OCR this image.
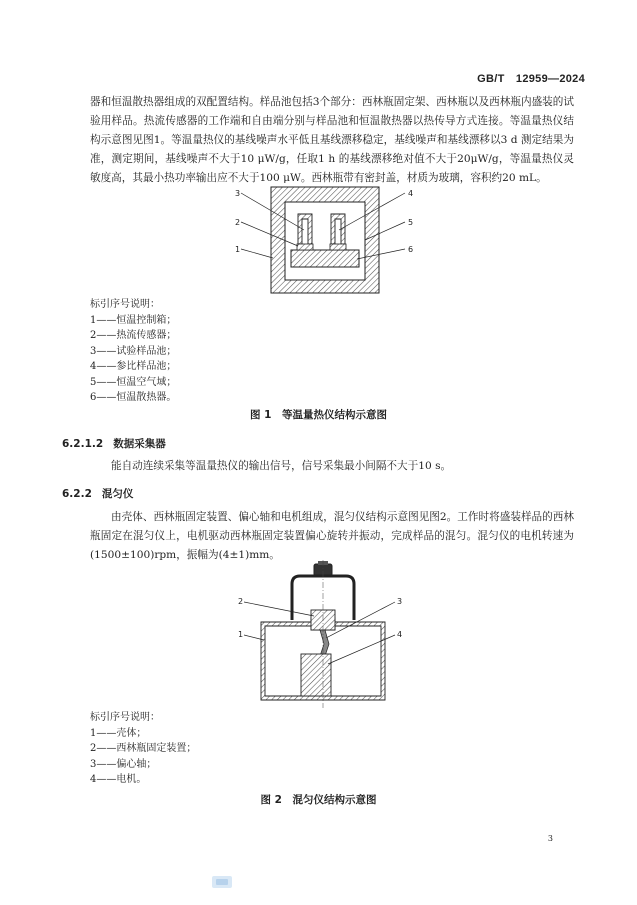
GB/T　12959—2024

器和恒温散热器组成的双配置结构。样品池包括3个部分：西林瓶固定架、西林瓶以及西林瓶内盛装的试验用样品。热流传感器的工作端和自由端分别与样品池和恒温散热器以热传导方式连接。等温量热仪结构示意图见图1。等温量热仪的基线噪声水平低且基线漂移稳定，基线噪声和基线漂移以3 d 测定结果为准，测定期间，基线噪声不大于10 μW/g，任取1 h 的基线漂移绝对值不大于20μW/g，等温量热仪灵敏度高，其最小热功率输出应不大于100 μW。西林瓶带有密封盖，材质为玻璃，容积约20 mL。

3
2
1
4
5
6
标引序号说明：
1——恒温控制箱；
2——热流传感器；
3——试验样品池；
4——参比样品池；
5——恒温空气域；
6——恒温散热器。
图 1　等温量热仪结构示意图
6.2.1.2 数据采集器

能自动连续采集等温量热仪的输出信号，信号采集最小间隔不大于10 s。

6.2.2 混匀仪

由壳体、西林瓶固定装置、偏心轴和电机组成，混匀仪结构示意图见图2。工作时将盛装样品的西林瓶固定在混匀仪上，电机驱动西林瓶固定装置偏心旋转并振动，完成样品的混匀。混匀仪的电机转速为(1500±100)rpm，振幅为(4±1)mm。

2
1
3
4
标引序号说明：
1——壳体；
2——西林瓶固定装置；
3——偏心轴；
4——电机。
图 2　混匀仪结构示意图
3
